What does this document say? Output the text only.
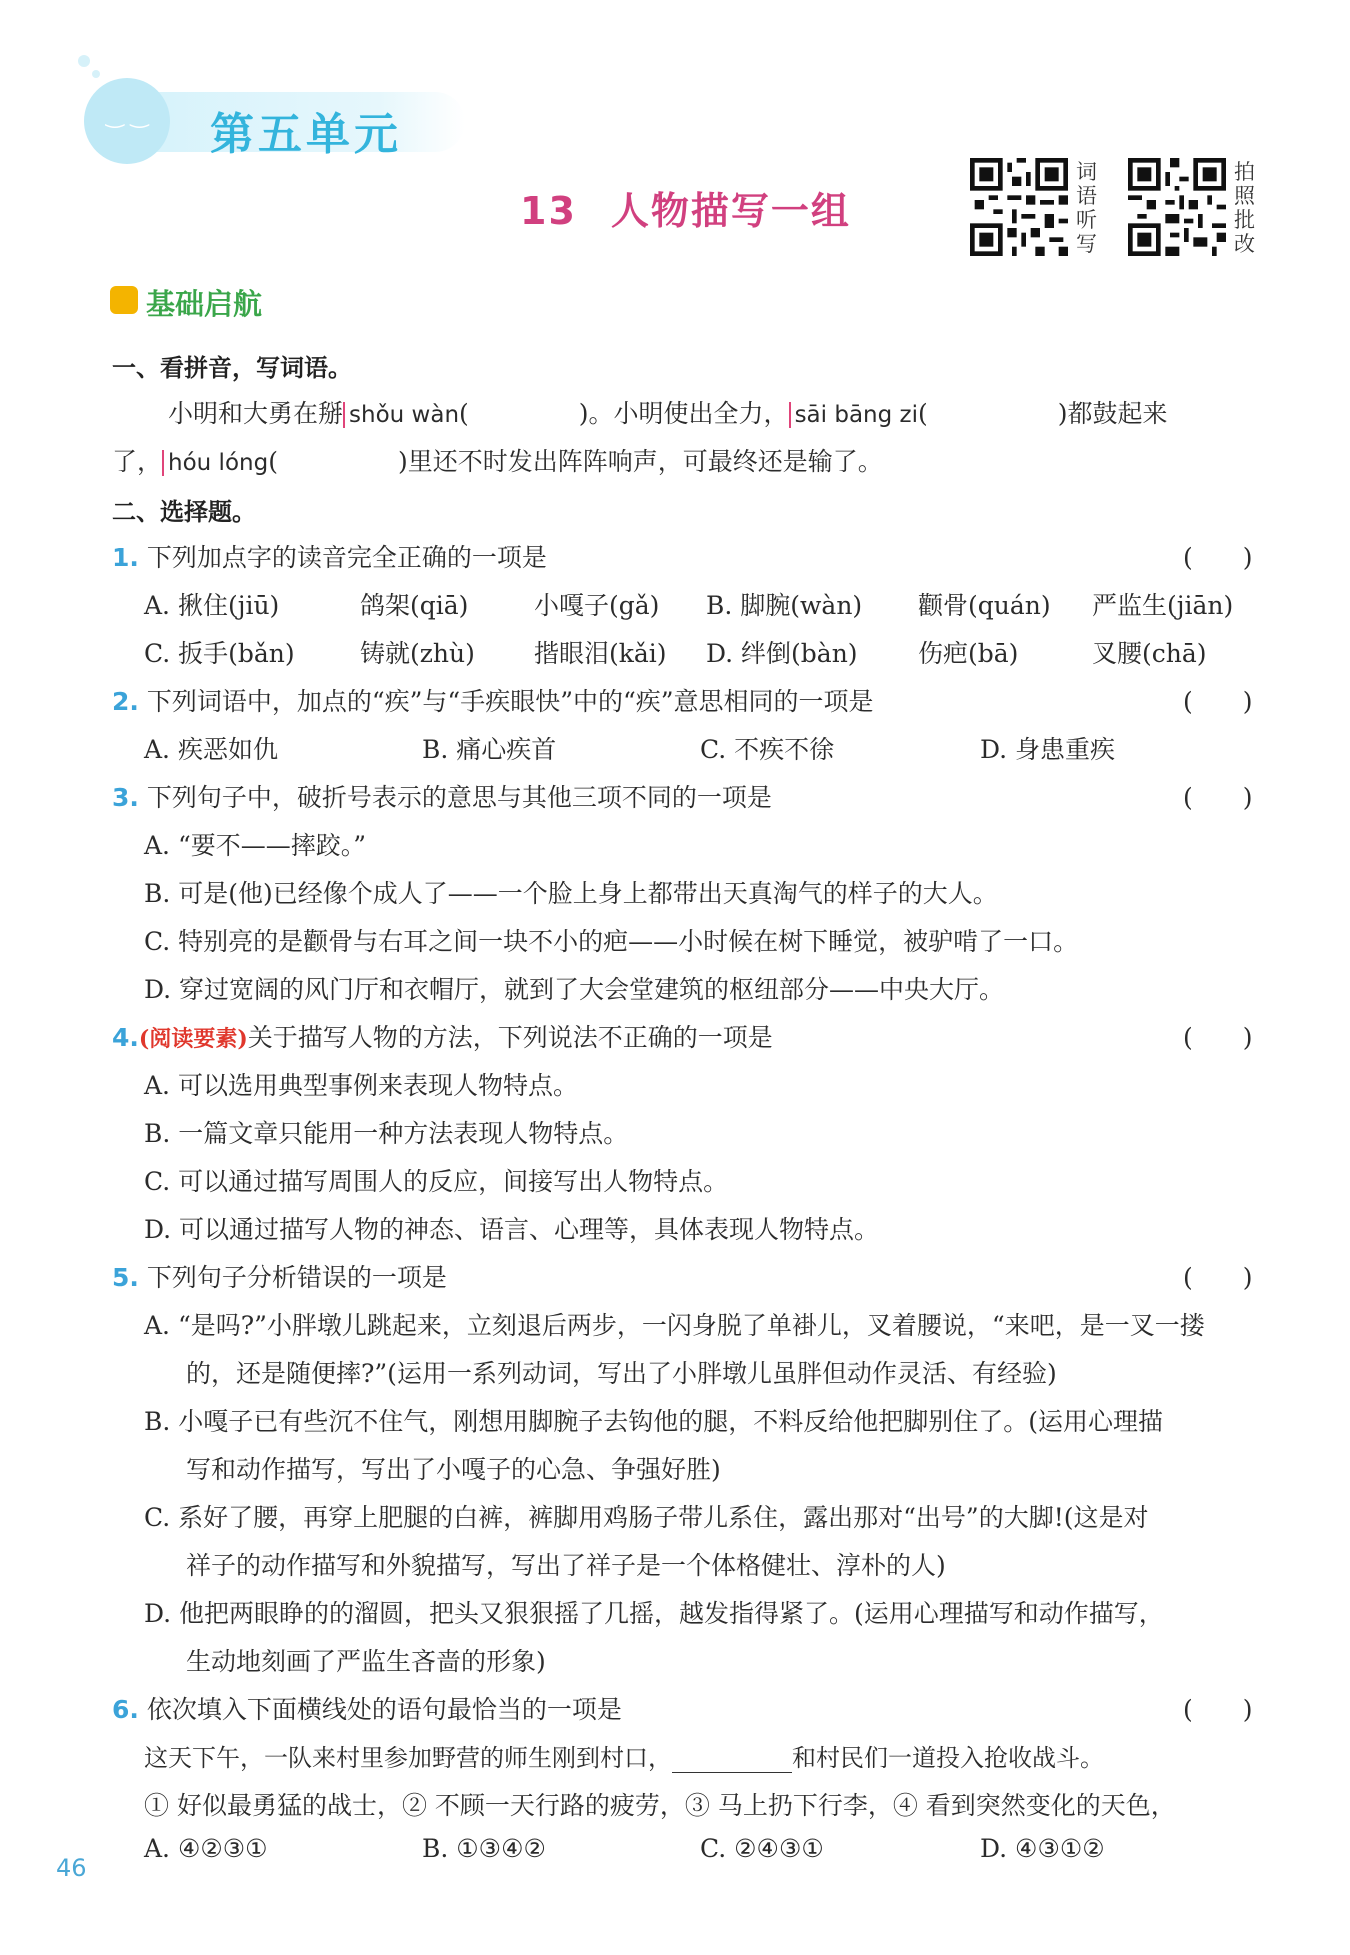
‿ ‿ 第五单元
13 人物描写一组
词
语
听
写
拍
照
批
改
基础启航
一、看拼音，写词语。
小明和大勇在掰 shǒu wàn(	)。小明使出全力， sāi bāng zi(	)都鼓起来
了， hóu lóng(	)里还不时发出阵阵响声，可最终还是输了。
二、选择题。
1. 下列加点字的读音完全正确的一项是	(　　)
A. 揪住(jiū)	鸽架(qiā)	小嘎子(gǎ) B. 脚腕(wàn) 颧骨(quán) 严监生(jiān)
C. 扳手(bǎn)	铸就(zhù) 揩眼泪(kǎi) D. 绊倒(bàn) 伤疤(bā)	叉腰(chā)
2. 下列词语中，加点的“疾”与“手疾眼快”中的“疾”意思相同的一项是	(　　)
A. 疾恶如仇	B. 痛心疾首	C. 不疾不徐	D. 身患重疾
3. 下列句子中，破折号表示的意思与其他三项不同的一项是	(　　)
A. “要不——摔跤。”
B. 可是(他)已经像个成人了——一个脸上身上都带出天真淘气的样子的大人。
C. 特别亮的是颧骨与右耳之间一块不小的疤——小时候在树下睡觉，被驴啃了一口。
D. 穿过宽阔的风门厅和衣帽厅，就到了大会堂建筑的枢纽部分——中央大厅。
4.(阅读要素)关于描写人物的方法，下列说法不正确的一项是	(　　)
A. 可以选用典型事例来表现人物特点。
B. 一篇文章只能用一种方法表现人物特点。
C. 可以通过描写周围人的反应，间接写出人物特点。
D. 可以通过描写人物的神态、语言、心理等，具体表现人物特点。
5. 下列句子分析错误的一项是	(　　)
A. “是吗?”小胖墩儿跳起来，立刻退后两步，一闪身脱了单褂儿，叉着腰说，“来吧，是一叉一搂
的，还是随便摔?”(运用一系列动词，写出了小胖墩儿虽胖但动作灵活、有经验)
B. 小嘎子已有些沉不住气，刚想用脚腕子去钩他的腿，不料反给他把脚别住了。(运用心理描
写和动作描写，写出了小嘎子的心急、争强好胜)
C. 系好了腰，再穿上肥腿的白裤，裤脚用鸡肠子带儿系住，露出那对“出号”的大脚!(这是对
祥子的动作描写和外貌描写，写出了祥子是一个体格健壮、淳朴的人)
D. 他把两眼睁的的溜圆，把头又狠狠摇了几摇，越发指得紧了。(运用心理描写和动作描写，
生动地刻画了严监生吝啬的形象)
6. 依次填入下面横线处的语句最恰当的一项是	(　　)
这天下午，一队来村里参加野营的师生刚到村口，	和村民们一道投入抢收战斗。
① 好似最勇猛的战士，② 不顾一天行路的疲劳，③ 马上扔下行李，④ 看到突然变化的天色，
A. ④②③①	B. ①③④②	C. ②④③①	D. ④③①②
46
